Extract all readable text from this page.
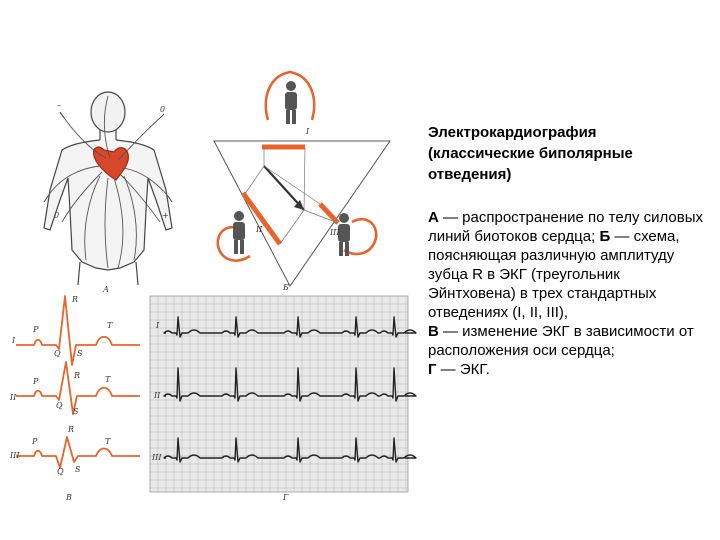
–	0
0	+
А
I
II	III
Б
I
P
Q
R
S
T
II
P
Q
R
S
T
III
P
Q
R
S
T
В
I
II
III
Г
Электрокардиография (классические биполярные отведения)
А — распространение по телу силовых линий биотоков сердца; Б — схема, поясняющая различную амплитуду зубца R в ЭКГ (треугольник Эйнтховена) в трех стандартных отведениях (I, II, III),
В — изменение ЭКГ в зависимости от расположения оси сердца;
Г — ЭКГ.
